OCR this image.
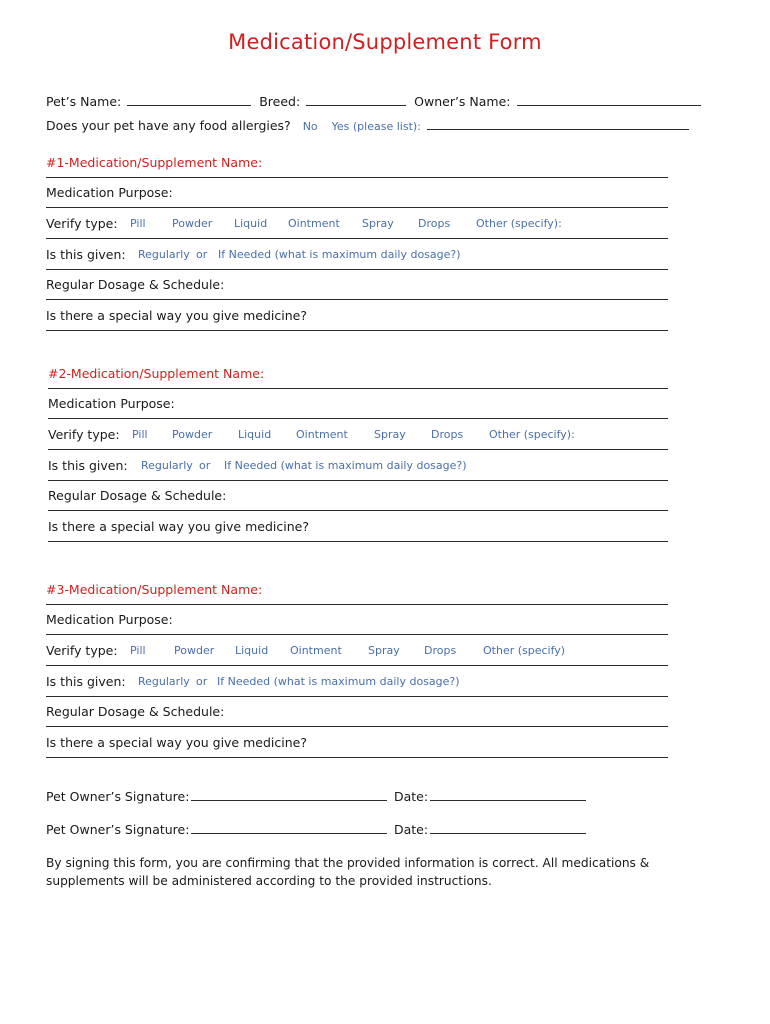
Medication/Supplement Form
Pet’s Name:	Breed:	Owner’s Name:
Does your pet have any food allergies? No Yes (please list):
#1-Medication/Supplement Name:
Medication Purpose:
Verify type: Pill Powder Liquid Ointment Spray Drops Other (specify):
Is this given: Regularly or If Needed (what is maximum daily dosage?)
Regular Dosage & Schedule:
Is there a special way you give medicine?
#2-Medication/Supplement Name:
Medication Purpose:
Verify type: Pill Powder Liquid Ointment Spray Drops Other (specify):
Is this given: Regularly or If Needed (what is maximum daily dosage?)
Regular Dosage & Schedule:
Is there a special way you give medicine?
#3-Medication/Supplement Name:
Medication Purpose:
Verify type: Pill	Powder Liquid Ointment Spray Drops Other (specify)
Is this given: Regularly or If Needed (what is maximum daily dosage?)
Regular Dosage & Schedule:
Is there a special way you give medicine?
Pet Owner’s Signature:	Date:
Pet Owner’s Signature:	Date:
By signing this form, you are confirming that the provided information is correct. All medications &
supplements will be administered according to the provided instructions.
